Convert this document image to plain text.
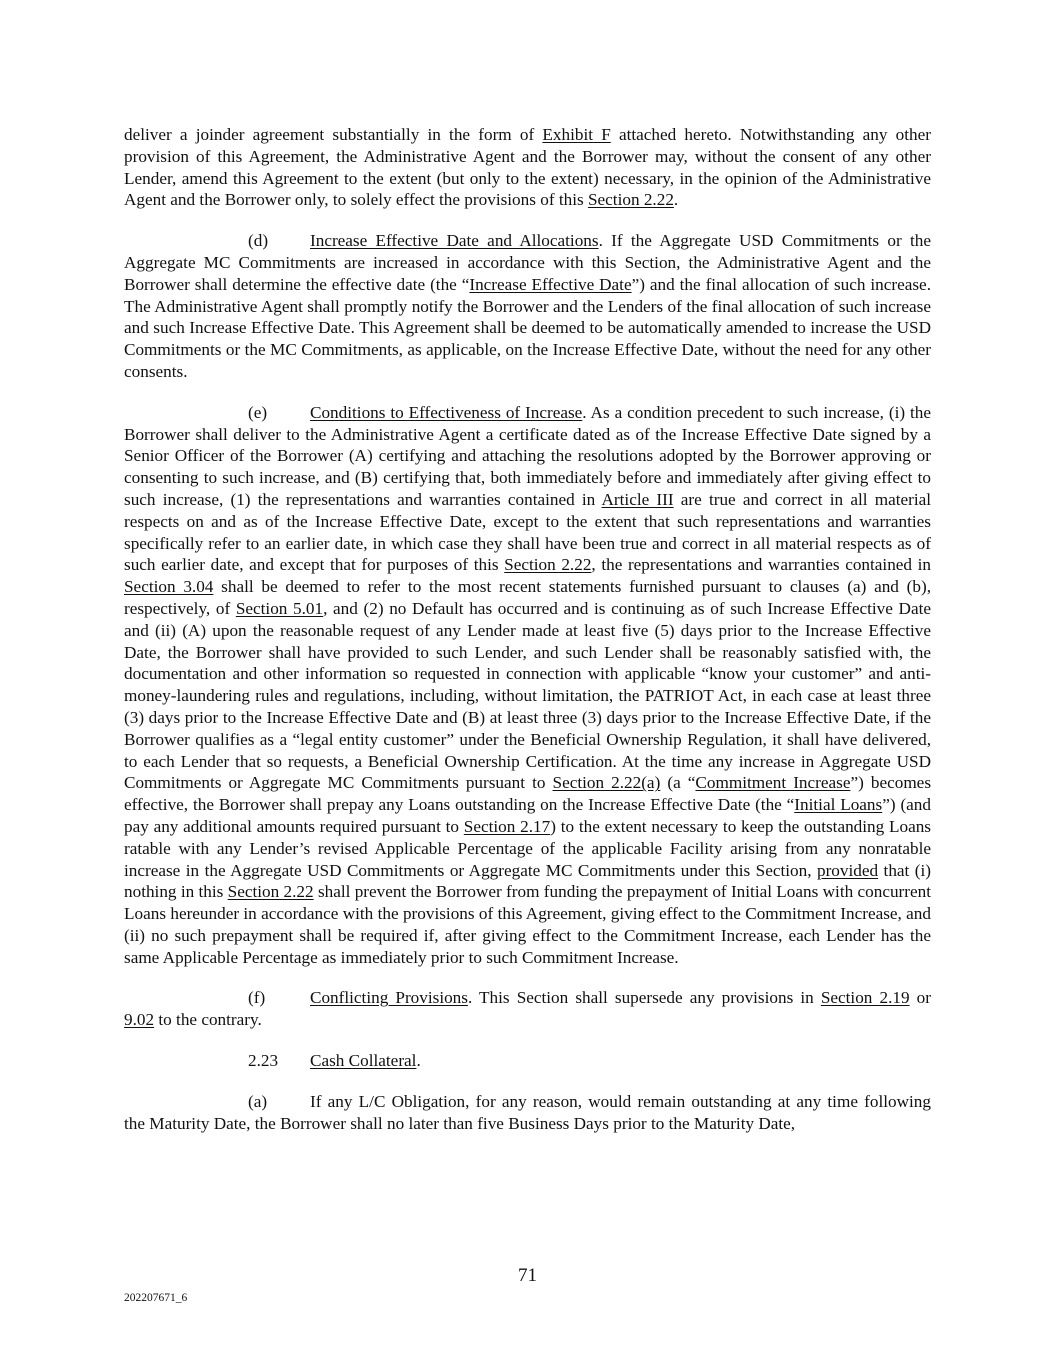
deliver a joinder agreement substantially in the form of Exhibit F attached hereto. Notwithstanding any other provision of this Agreement, the Administrative Agent and the Borrower may, without the consent of any other Lender, amend this Agreement to the extent (but only to the extent) necessary, in the opinion of the Administrative Agent and the Borrower only, to solely effect the provisions of this Section 2.22.

(d) Increase Effective Date and Allocations. If the Aggregate USD Commitments or the Aggregate MC Commitments are increased in accordance with this Section, the Administrative Agent and the Borrower shall determine the effective date (the “Increase Effective Date”) and the final allocation of such increase. The Administrative Agent shall promptly notify the Borrower and the Lenders of the final allocation of such increase and such Increase Effective Date. This Agreement shall be deemed to be automatically amended to increase the USD Commitments or the MC Commitments, as applicable, on the Increase Effective Date, without the need for any other consents.

(e) Conditions to Effectiveness of Increase. As a condition precedent to such increase, (i) the Borrower shall deliver to the Administrative Agent a certificate dated as of the Increase Effective Date signed by a Senior Officer of the Borrower (A) certifying and attaching the resolutions adopted by the Borrower approving or consenting to such increase, and (B) certifying that, both immediately before and immediately after giving effect to such increase, (1) the representations and warranties contained in Article III are true and correct in all material respects on and as of the Increase Effective Date, except to the extent that such representations and warranties specifically refer to an earlier date, in which case they shall have been true and correct in all material respects as of such earlier date, and except that for purposes of this Section 2.22, the representations and warranties contained in Section 3.04 shall be deemed to refer to the most recent statements furnished pursuant to clauses (a) and (b), respectively, of Section 5.01, and (2) no Default has occurred and is continuing as of such Increase Effective Date and (ii) (A) upon the reasonable request of any Lender made at least five (5) days prior to the Increase Effective Date, the Borrower shall have provided to such Lender, and such Lender shall be reasonably satisfied with, the documentation and other information so requested in connection with applicable “know your customer” and anti-money-laundering rules and regulations, including, without limitation, the PATRIOT Act, in each case at least three (3) days prior to the Increase Effective Date and (B) at least three (3) days prior to the Increase Effective Date, if the Borrower qualifies as a “legal entity customer” under the Beneficial Ownership Regulation, it shall have delivered, to each Lender that so requests, a Beneficial Ownership Certification. At the time any increase in Aggregate USD Commitments or Aggregate MC Commitments pursuant to Section 2.22(a) (a “Commitment Increase”) becomes effective, the Borrower shall prepay any Loans outstanding on the Increase Effective Date (the “Initial Loans”) (and pay any additional amounts required pursuant to Section 2.17) to the extent necessary to keep the outstanding Loans ratable with any Lender’s revised Applicable Percentage of the applicable Facility arising from any nonratable increase in the Aggregate USD Commitments or Aggregate MC Commitments under this Section, provided that (i) nothing in this Section 2.22 shall prevent the Borrower from funding the prepayment of Initial Loans with concurrent Loans hereunder in accordance with the provisions of this Agreement, giving effect to the Commitment Increase, and (ii) no such prepayment shall be required if, after giving effect to the Commitment Increase, each Lender has the same Applicable Percentage as immediately prior to such Commitment Increase.

(f)	Conflicting Provisions. This Section shall supersede any provisions in Section 2.19 or 9.02 to the contrary.

2.23 Cash Collateral.

(a) If any L/C Obligation, for any reason, would remain outstanding at any time following the Maturity Date, the Borrower shall no later than five Business Days prior to the Maturity Date,

71
202207671_6
